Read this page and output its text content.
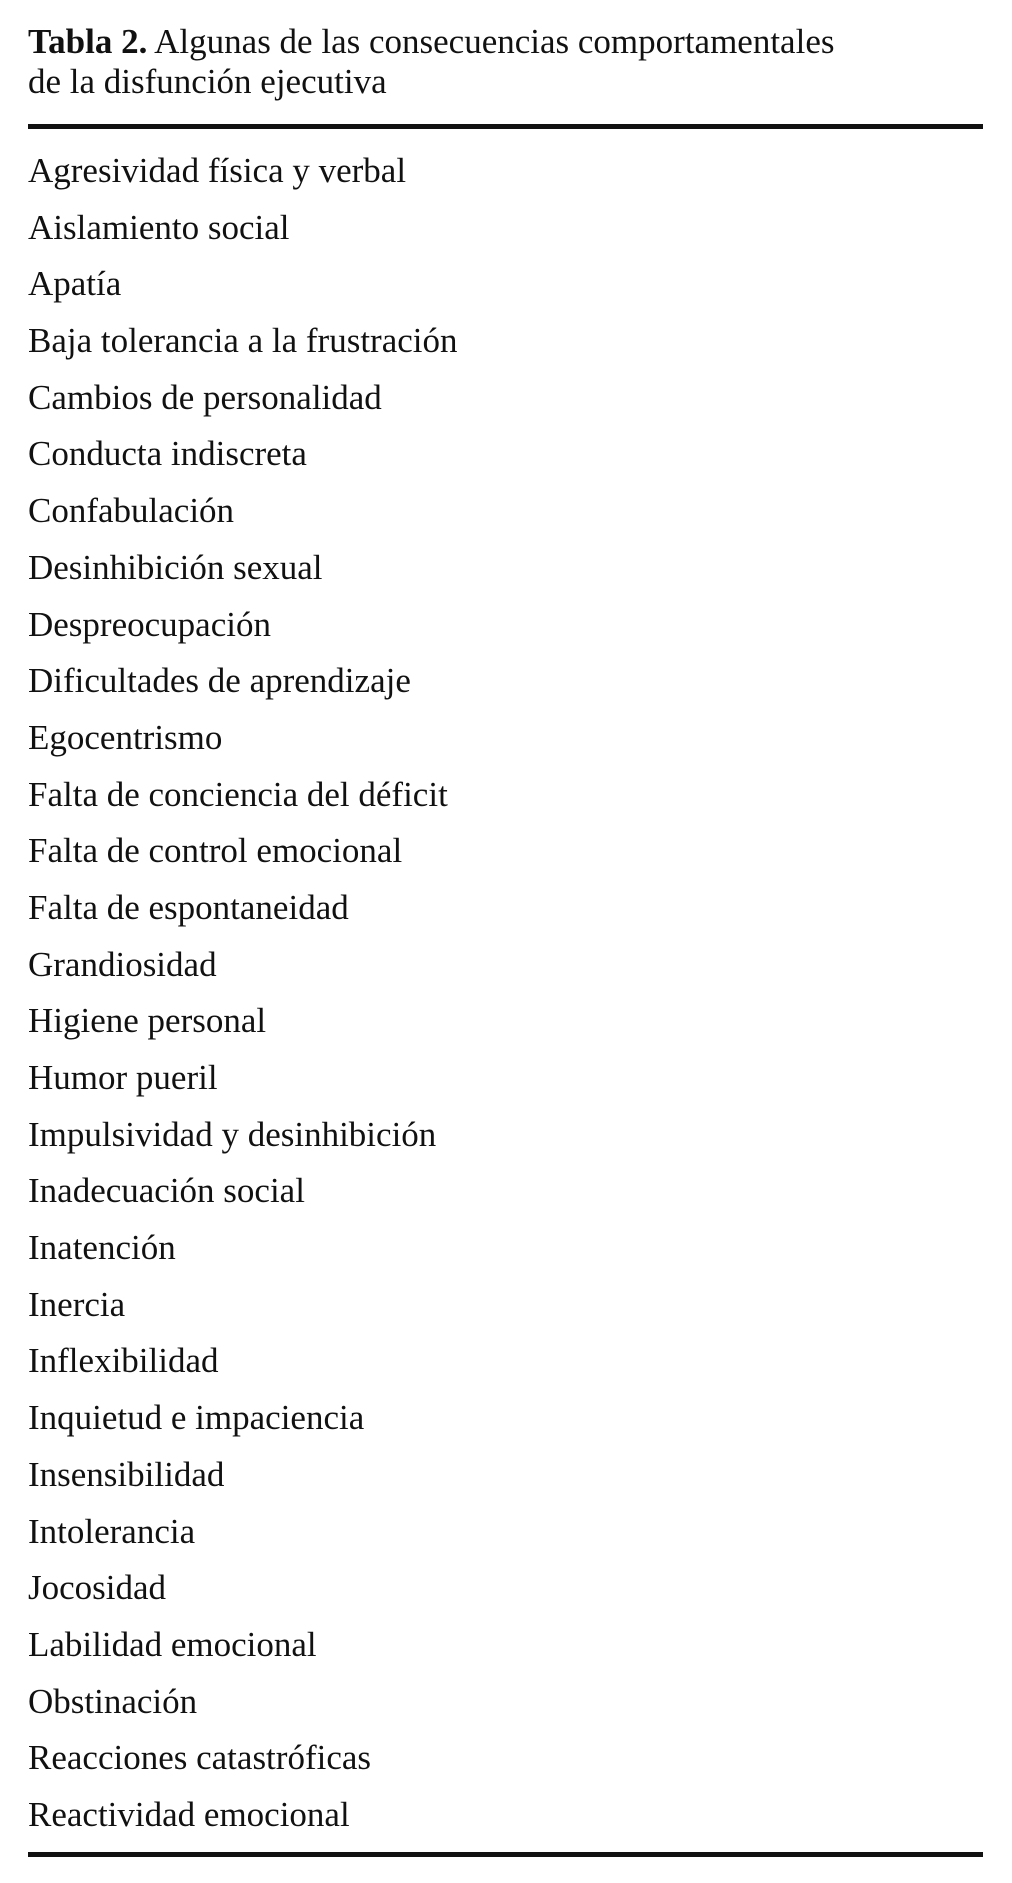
Tabla 2. Algunas de las consecuencias comportamentales
de la disfunción ejecutiva
Agresividad física y verbal
Aislamiento social
Apatía
Baja tolerancia a la frustración
Cambios de personalidad
Conducta indiscreta
Confabulación
Desinhibición sexual
Despreocupación
Dificultades de aprendizaje
Egocentrismo
Falta de conciencia del déficit
Falta de control emocional
Falta de espontaneidad
Grandiosidad
Higiene personal
Humor pueril
Impulsividad y desinhibición
Inadecuación social
Inatención
Inercia
Inflexibilidad
Inquietud e impaciencia
Insensibilidad
Intolerancia
Jocosidad
Labilidad emocional
Obstinación
Reacciones catastróficas
Reactividad emocional
